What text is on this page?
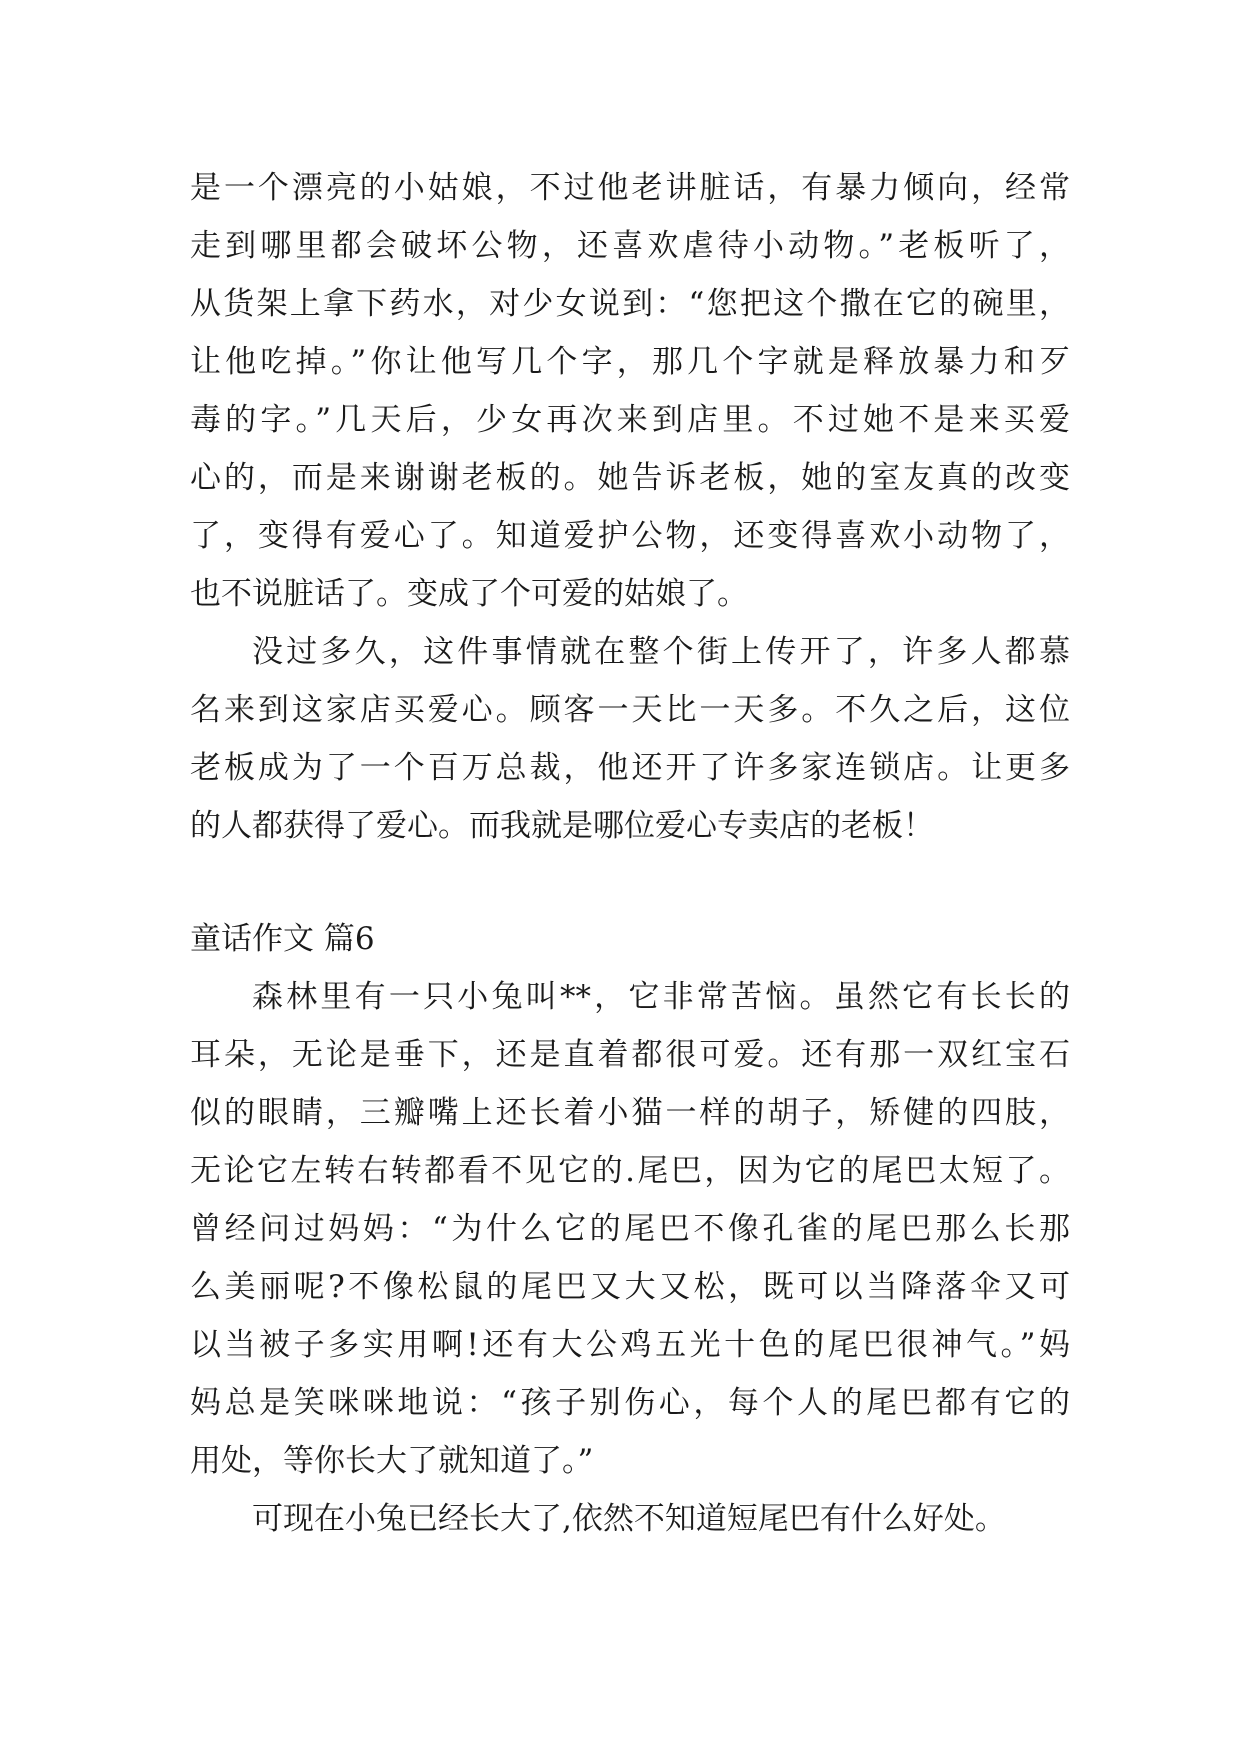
是一个漂亮的小姑娘，不过他老讲脏话，有暴力倾向，经常
走到哪里都会破坏公物，还喜欢虐待小动物。”老板听了，
从货架上拿下药水，对少女说到：“您把这个撒在它的碗里，
让他吃掉。”你让他写几个字，那几个字就是释放暴力和歹
毒的字。”几天后，少女再次来到店里。不过她不是来买爱
心的，而是来谢谢老板的。她告诉老板，她的室友真的改变
了，变得有爱心了。知道爱护公物，还变得喜欢小动物了，
也不说脏话了。变成了个可爱的姑娘了。
没过多久，这件事情就在整个街上传开了，许多人都慕
名来到这家店买爱心。顾客一天比一天多。不久之后，这位
老板成为了一个百万总裁，他还开了许多家连锁店。让更多
的人都获得了爱心。而我就是哪位爱心专卖店的老板！
童话作文 篇6
森林里有一只小兔叫**，它非常苦恼。虽然它有长长的
耳朵，无论是垂下，还是直着都很可爱。还有那一双红宝石
似的眼睛，三瓣嘴上还长着小猫一样的胡子，矫健的四肢，
无论它左转右转都看不见它的.尾巴，因为它的尾巴太短了。
曾经问过妈妈：“为什么它的尾巴不像孔雀的尾巴那么长那
么美丽呢?不像松鼠的尾巴又大又松，既可以当降落伞又可
以当被子多实用啊!还有大公鸡五光十色的尾巴很神气。”妈
妈总是笑咪咪地说：“孩子别伤心，每个人的尾巴都有它的
用处，等你长大了就知道了。”
可现在小兔已经长大了,依然不知道短尾巴有什么好处。
